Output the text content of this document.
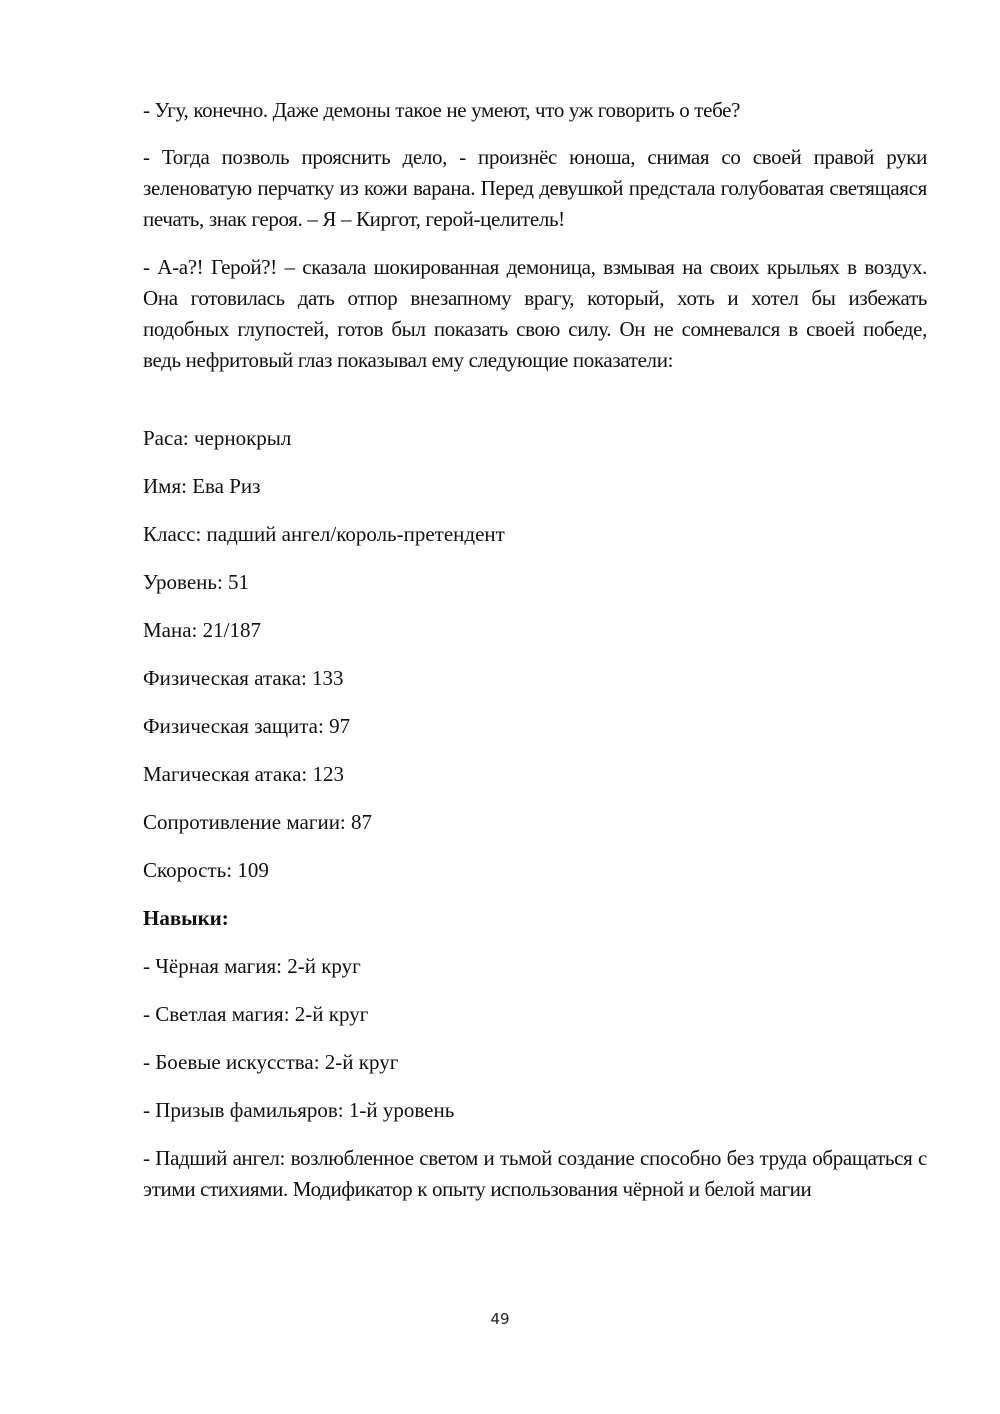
- Угу, конечно. Даже демоны такое не умеют, что уж говорить о тебе?

- Тогда позволь прояснить дело, - произнёс юноша, снимая со своей правой руки зеленоватую перчатку из кожи варана. Перед девушкой предстала голубоватая светящаяся печать, знак героя. – Я – Киргот, герой-целитель!

- А-а?! Герой?! – сказала шокированная демоница, взмывая на своих крыльях в воздух. Она готовилась дать отпор внезапному врагу, который, хоть и хотел бы избежать подобных глупостей, готов был показать свою силу. Он не сомневался в своей победе, ведь нефритовый глаз показывал ему следующие показатели:

Раса: чернокрыл

Имя: Ева Риз

Класс: падший ангел/король-претендент

Уровень: 51

Мана: 21/187

Физическая атака: 133

Физическая защита: 97

Магическая атака: 123

Сопротивление магии: 87

Скорость: 109

Навыки:

- Чёрная магия: 2-й круг

- Светлая магия: 2-й круг

- Боевые искусства: 2-й круг

- Призыв фамильяров: 1-й уровень

- Падший ангел: возлюбленное светом и тьмой создание способно без труда обращаться с этими стихиями. Модификатор к опыту использования чёрной и белой магии

49
